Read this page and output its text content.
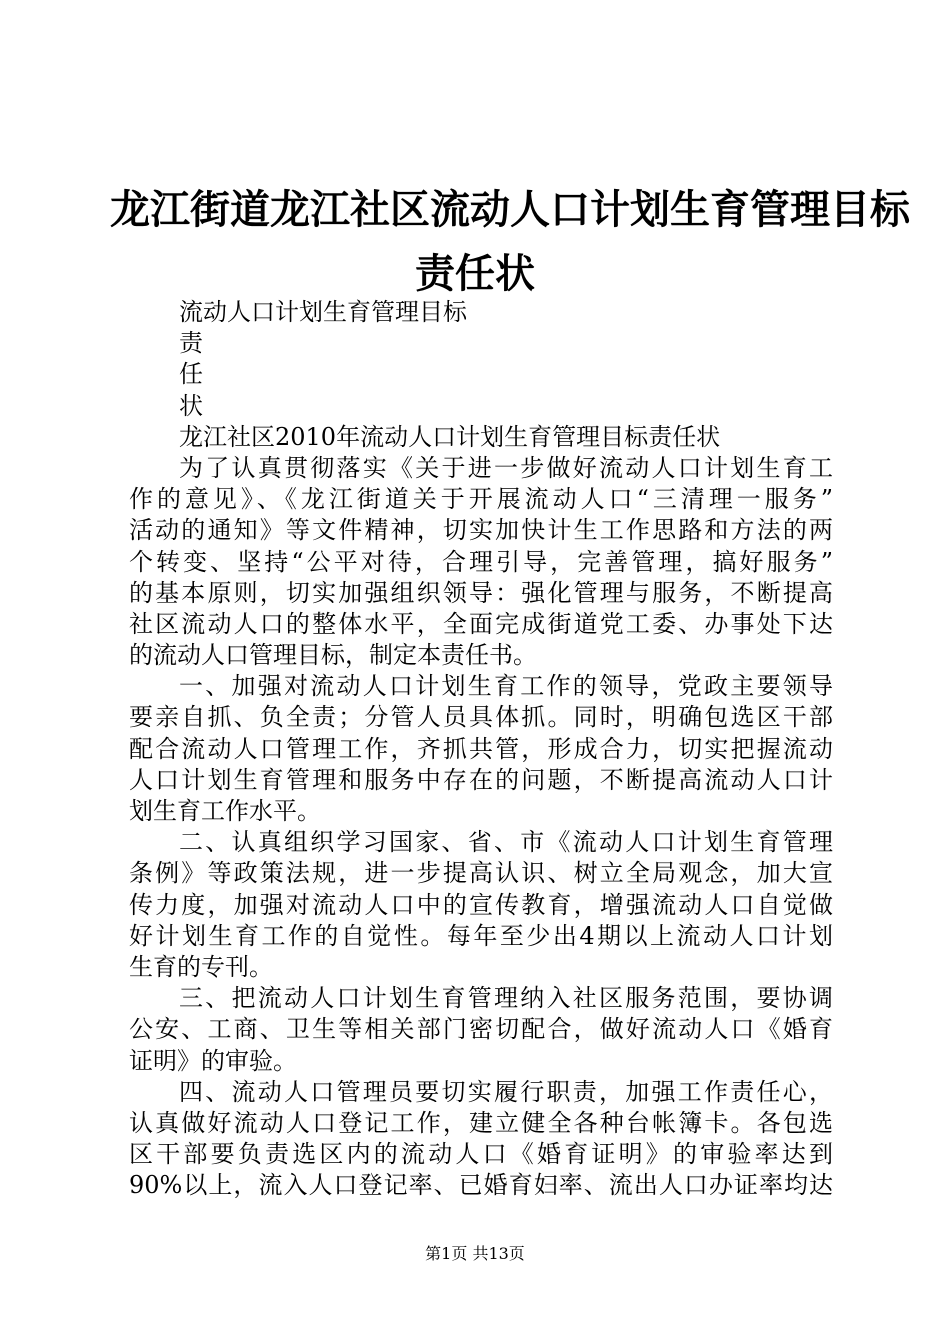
龙江街道龙江社区流动人口计划生育管理目标
责任状
流动人口计划生育管理目标
责
任
状
龙江社区2010年流动人口计划生育管理目标责任状
为了认真贯彻落实《关于进一步做好流动人口计划生育工
作的意见》、《龙江街道关于开展流动人口“三清理一服务”
活动的通知》等文件精神，切实加快计生工作思路和方法的两
个转变、坚持“公平对待，合理引导，完善管理，搞好服务”
的基本原则，切实加强组织领导：强化管理与服务，不断提高
社区流动人口的整体水平，全面完成街道党工委、办事处下达
的流动人口管理目标，制定本责任书。
一、加强对流动人口计划生育工作的领导，党政主要领导
要亲自抓、负全责；分管人员具体抓。同时，明确包选区干部
配合流动人口管理工作，齐抓共管，形成合力，切实把握流动
人口计划生育管理和服务中存在的问题，不断提高流动人口计
划生育工作水平。
二、认真组织学习国家、省、市《流动人口计划生育管理
条例》等政策法规，进一步提高认识、树立全局观念，加大宣
传力度，加强对流动人口中的宣传教育，增强流动人口自觉做
好计划生育工作的自觉性。每年至少出4期以上流动人口计划
生育的专刊。
三、把流动人口计划生育管理纳入社区服务范围，要协调
公安、工商、卫生等相关部门密切配合，做好流动人口《婚育
证明》的审验。
四、流动人口管理员要切实履行职责，加强工作责任心，
认真做好流动人口登记工作，建立健全各种台帐簿卡。各包选
区干部要负责选区内的流动人口《婚育证明》的审验率达到
90%以上，流入人口登记率、已婚育妇率、流出人口办证率均达
第1页 共13页
